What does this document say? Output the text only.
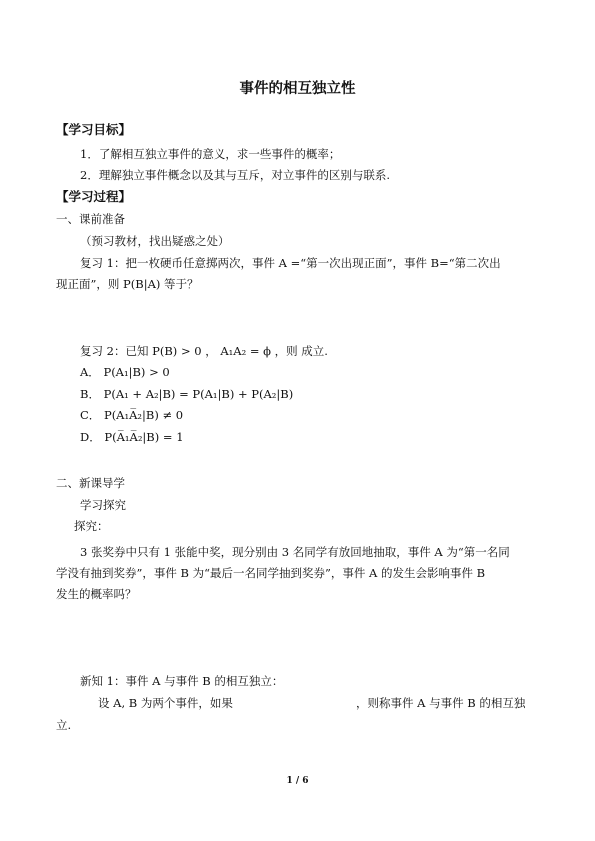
事件的相互独立性
【学习目标】
1．了解相互独立事件的意义，求一些事件的概率；
2．理解独立事件概念以及其与互斥，对立事件的区别与联系.
【学习过程】
一、课前准备
（预习教材，找出疑惑之处）
复习 1：把一枚硬币任意掷两次，事件 A =“第一次出现正面”，事件 B=“第二次出
现正面”，则 P(B|A) 等于？
复习 2：已知 P(B) > 0 ， A₁A₂ = ϕ ，则 成立.
A． P(A₁|B) > 0
B． P(A₁ + A₂|B) = P(A₁|B) + P(A₂|B)
C． P(A₁A̅₂|B) ≠ 0
D． P(A̅₁A̅₂|B) = 1
二、新课导学
学习探究
探究：
3 张奖券中只有 1 张能中奖，现分别由 3 名同学有放回地抽取，事件 A 为“第一名同
学没有抽到奖券”，事件 B 为“最后一名同学抽到奖券”，事件 A 的发生会影响事件 B
发生的概率吗？
新知 1：事件 A 与事件 B 的相互独立：
设 A, B 为两个事件，如果	，则称事件 A 与事件 B 的相互独
立.
1 / 6
